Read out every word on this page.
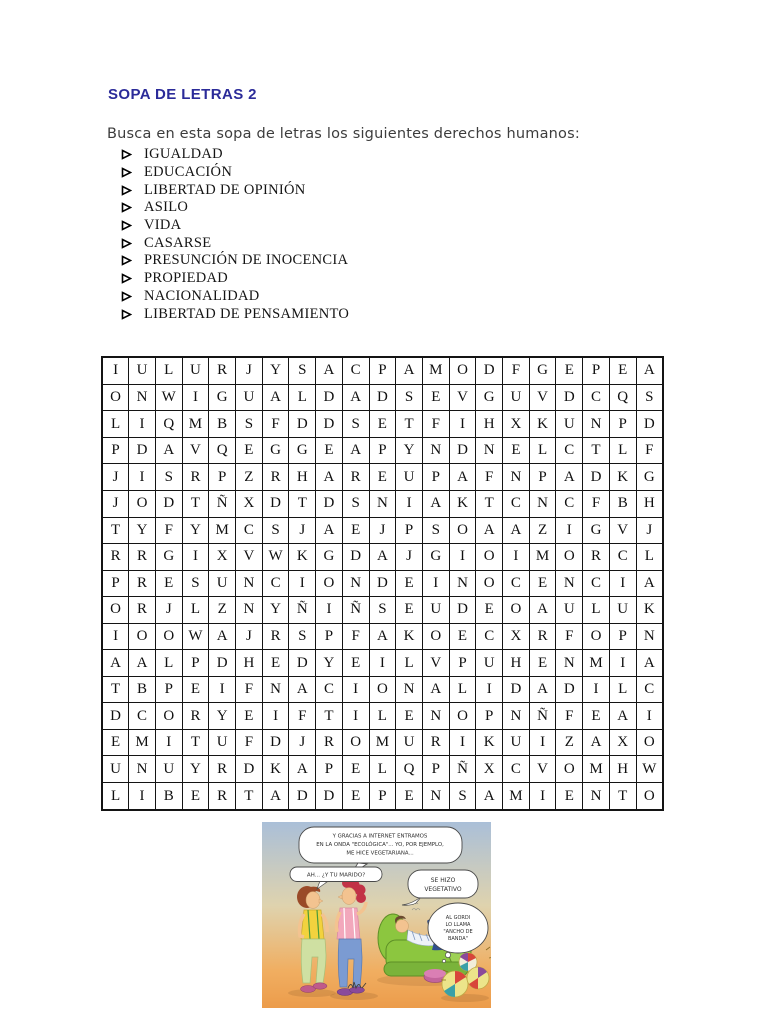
SOPA DE LETRAS 2
Busca en esta sopa de letras los siguientes derechos humanos:
IGUALDAD
EDUCACIÓN
LIBERTAD DE OPINIÓN
ASILO
VIDA
CASARSE
PRESUNCIÓN DE INOCENCIA
PROPIEDAD
NACIONALIDAD
LIBERTAD DE PENSAMIENTO
I	U	L	U	R	J	Y	S	A	C	P	A	M	O	D	F	G	E	P	E	A
O	N	W	I	G	U	A	L	D	A	D	S	E	V	G	U	V	D	C	Q	S
L	I	Q	M	B	S	F	D	D	S	E	T	F	I	H	X	K	U	N	P	D
P	D	A	V	Q	E	G	G	E	A	P	Y	N	D	N	E	L	C	T	L	F
J	I	S	R	P	Z	R	H	A	R	E	U	P	A	F	N	P	A	D	K	G
J	O	D	T	Ñ	X	D	T	D	S	N	I	A	K	T	C	N	C	F	B	H
T	Y	F	Y	M	C	S	J	A	E	J	P	S	O	A	A	Z	I	G	V	J
R	R	G	I	X	V	W	K	G	D	A	J	G	I	O	I	M	O	R	C	L
P	R	E	S	U	N	C	I	O	N	D	E	I	N	O	C	E	N	C	I	A
O	R	J	L	Z	N	Y	Ñ	I	Ñ	S	E	U	D	E	O	A	U	L	U	K
I	O	O	W	A	J	R	S	P	F	A	K	O	E	C	X	R	F	O	P	N
A	A	L	P	D	H	E	D	Y	E	I	L	V	P	U	H	E	N	M	I	A
T	B	P	E	I	F	N	A	C	I	O	N	A	L	I	D	A	D	I	L	C
D	C	O	R	Y	E	I	F	T	I	L	E	N	O	P	N	Ñ	F	E	A	I
E	M	I	T	U	F	D	J	R	O	M	U	R	I	K	U	I	Z	A	X	O
U	N	U	Y	R	D	K	A	P	E	L	Q	P	Ñ	X	C	V	O	M	H	W
L	I	B	E	R	T	A	D	D	E	P	E	N	S	A	M	I	E	N	T	O
Y GRACIAS A INTERNET ENTRAMOS
EN LA ONDA "ECOLÓGICA"... YO, POR EJEMPLO,
ME HICE VEGETARIANA...
AH... ¿Y TU MARIDO?
SE HIZO
VEGETATIVO
AL GORDI
LO LLAMA
"ANCHO DE
BANDA"
